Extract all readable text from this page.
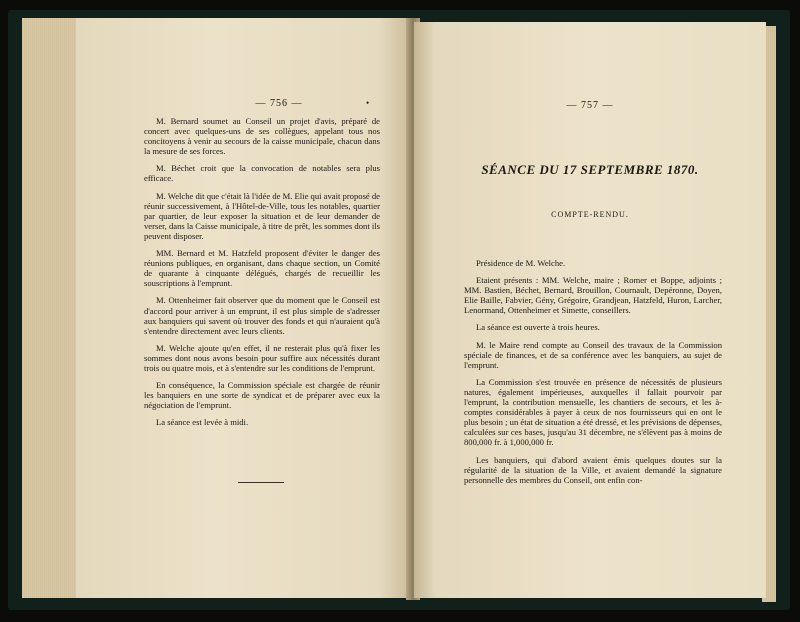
— 756 —	•

M. Bernard soumet au Conseil un projet d'avis, préparé de concert avec quelques-uns de ses collègues, appelant tous nos concitoyens à venir au secours de la caisse municipale, chacun dans la mesure de ses forces.

M. Béchet croit que la convocation de notables sera plus efficace.

M. Welche dit que c'était là l'idée de M. Elie qui avait proposé de réunir successivement, à l'Hôtel-de-Ville, tous les notables, quartier par quartier, de leur exposer la situation et de leur demander de verser, dans la Caisse municipale, à titre de prêt, les sommes dont ils peuvent disposer.

MM. Bernard et M. Hatzfeld proposent d'éviter le danger des réunions publiques, en organisant, dans chaque section, un Comité de quarante à cinquante délégués, chargés de recueillir les souscriptions à l'emprunt.

M. Ottenheimer fait observer que du moment que le Conseil est d'accord pour arriver à un emprunt, il est plus simple de s'adresser aux banquiers qui savent où trouver des fonds et qui n'auraient qu'à s'entendre directement avec leurs clients.

M. Welche ajoute qu'en effet, il ne resterait plus qu'à fixer les sommes dont nous avons besoin pour suffire aux nécessités durant trois ou quatre mois, et à s'entendre sur les conditions de l'emprunt.

En conséquence, la Commission spéciale est chargée de réunir les banquiers en une sorte de syndicat et de préparer avec eux la négociation de l'emprunt.

La séance est levée à midi.

— 757 —
SÉANCE DU 17 SEPTEMBRE 1870.
COMPTE-RENDU.

Présidence de M. Welche.

Etaient présents : MM. Welche, maire ; Romer et Boppe, adjoints ; MM. Bastien, Béchet, Bernard, Brouillon, Cournault, Depéronne, Doyen, Elie Baille, Fabvier, Gény, Grégoire, Grandjean, Hatzfeld, Huron, Larcher, Lenormand, Ottenheimer et Simette, conseillers.

La séance est ouverte à trois heures.

M. le Maire rend compte au Conseil des travaux de la Commission spéciale de finances, et de sa conférence avec les banquiers, au sujet de l'emprunt.

La Commission s'est trouvée en présence de nécessités de plusieurs natures, également impérieuses, auxquelles il fallait pourvoir par l'emprunt, la contribution mensuelle, les chantiers de secours, et les à-comptes considérables à payer à ceux de nos fournisseurs qui en ont le plus besoin ; un état de situation a été dressé, et les prévisions de dépenses, calculées sur ces bases, jusqu'au 31 décembre, ne s'élèvent pas à moins de 800,000 fr. à 1,000,000 fr.

Les banquiers, qui d'abord avaient émis quelques doutes sur la régularité de la situation de la Ville, et avaient demandé la signature personnelle des membres du Conseil, ont enfin con-
